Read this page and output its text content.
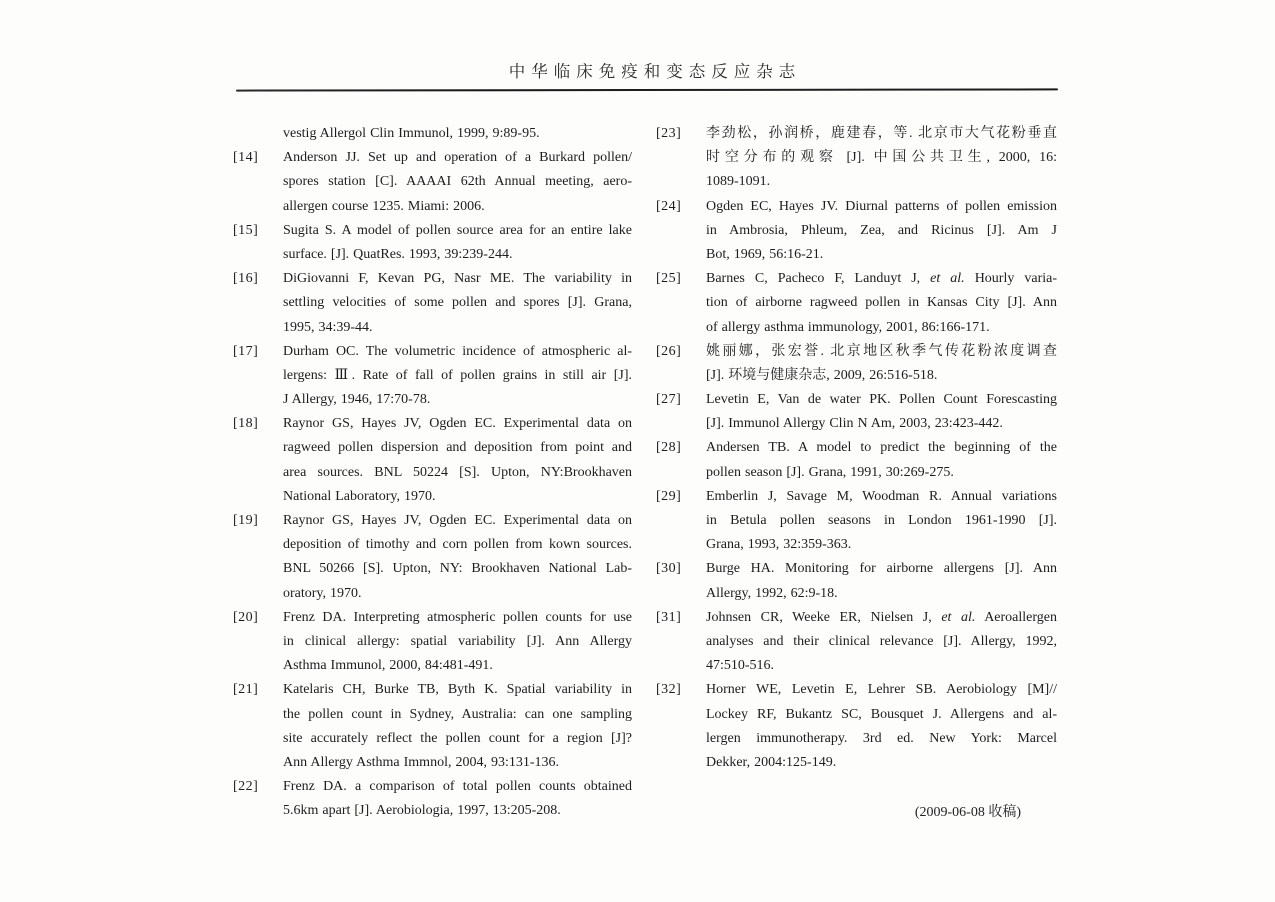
中华临床免疫和变态反应杂志
vestig Allergol Clin Immunol, 1999, 9:89-95.
[14]	Anderson JJ. Set up and operation of a Burkard pollen/
spores station [C]. AAAAI 62th Annual meeting, aero-
allergen course 1235. Miami: 2006.
[15]	Sugita S. A model of pollen source area for an entire lake
surface. [J]. QuatRes. 1993, 39:239-244.
[16]	DiGiovanni F, Kevan PG, Nasr ME. The variability in
settling velocities of some pollen and spores [J]. Grana,
1995, 34:39-44.
[17]	Durham OC. The volumetric incidence of atmospheric al-
lergens: Ⅲ. Rate of fall of pollen grains in still air [J].
J Allergy, 1946, 17:70-78.
[18]	Raynor GS, Hayes JV, Ogden EC. Experimental data on
ragweed pollen dispersion and deposition from point and
area sources. BNL 50224 [S]. Upton, NY:Brookhaven
National Laboratory, 1970.
[19]	Raynor GS, Hayes JV, Ogden EC. Experimental data on
deposition of timothy and corn pollen from kown sources.
BNL 50266 [S]. Upton, NY: Brookhaven National Lab-
oratory, 1970.
[20]	Frenz DA. Interpreting atmospheric pollen counts for use
in clinical allergy: spatial variability [J]. Ann Allergy
Asthma Immunol, 2000, 84:481-491.
[21]	Katelaris CH, Burke TB, Byth K. Spatial variability in
the pollen count in Sydney, Australia: can one sampling
site accurately reflect the pollen count for a region [J]?
Ann Allergy Asthma Immnol, 2004, 93:131-136.
[22]	Frenz DA. a comparison of total pollen counts obtained
5.6km apart [J]. Aerobiologia, 1997, 13:205-208.
[23]	李劲松，孙润桥，鹿建春，等. 北京市大气花粉垂直
时空分布的观察 [J]. 中国公共卫生, 2000, 16:
1089-1091.
[24]	Ogden EC, Hayes JV. Diurnal patterns of pollen emission
in Ambrosia, Phleum, Zea, and Ricinus [J]. Am J
Bot, 1969, 56:16-21.
[25]	Barnes C, Pacheco F, Landuyt J, et al. Hourly varia-
tion of airborne ragweed pollen in Kansas City [J]. Ann
of allergy asthma immunology, 2001, 86:166-171.
[26]	姚丽娜，张宏誉. 北京地区秋季气传花粉浓度调查
[J]. 环境与健康杂志, 2009, 26:516-518.
[27]	Levetin E, Van de water PK. Pollen Count Forescasting
[J]. Immunol Allergy Clin N Am, 2003, 23:423-442.
[28]	Andersen TB. A model to predict the beginning of the
pollen season [J]. Grana, 1991, 30:269-275.
[29]	Emberlin J, Savage M, Woodman R. Annual variations
in Betula pollen seasons in London 1961-1990 [J].
Grana, 1993, 32:359-363.
[30]	Burge HA. Monitoring for airborne allergens [J]. Ann
Allergy, 1992, 62:9-18.
[31]	Johnsen CR, Weeke ER, Nielsen J, et al. Aeroallergen
analyses and their clinical relevance [J]. Allergy, 1992,
47:510-516.
[32]	Horner WE, Levetin E, Lehrer SB. Aerobiology [M]//
Lockey RF, Bukantz SC, Bousquet J. Allergens and al-
lergen immunotherapy. 3rd ed. New York: Marcel
Dekker, 2004:125-149.
(2009-06-08 收稿)
